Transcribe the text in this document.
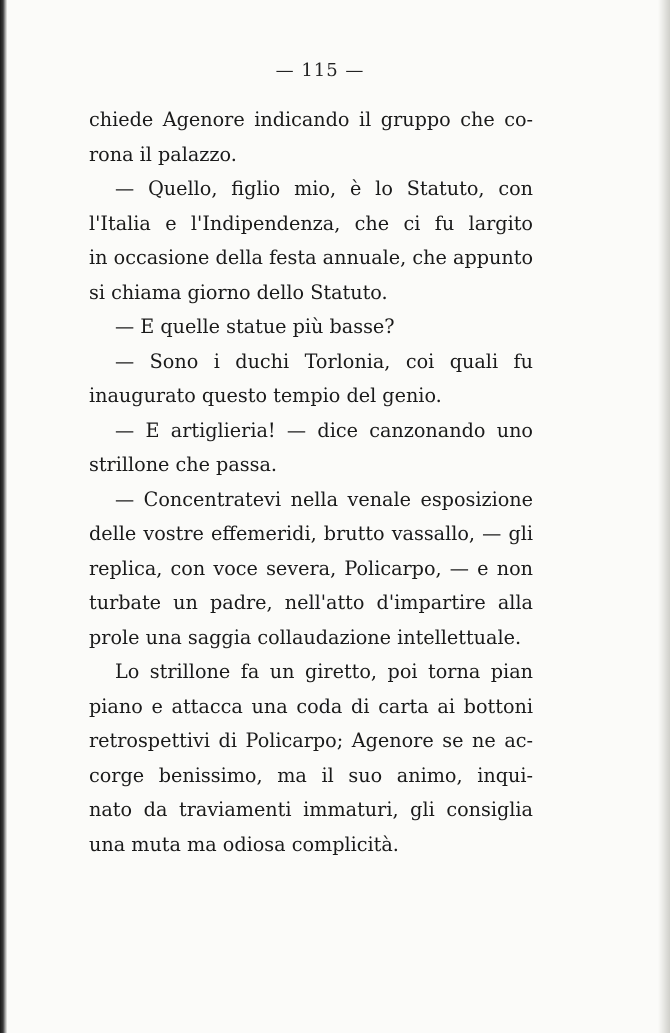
— 115 —
chiede Agenore indicando il gruppo che co-
rona il palazzo.
— Quello, figlio mio, è lo Statuto, con
l'Italia e l'Indipendenza, che ci fu largito
in occasione della festa annuale, che appunto
si chiama giorno dello Statuto.
— E quelle statue più basse?
— Sono i duchi Torlonia, coi quali fu
inaugurato questo tempio del genio.
— E artiglieria! — dice canzonando uno
strillone che passa.
— Concentratevi nella venale esposizione
delle vostre effemeridi, brutto vassallo, — gli
replica, con voce severa, Policarpo, — e non
turbate un padre, nell'atto d'impartire alla
prole una saggia collaudazione intellettuale.
Lo strillone fa un giretto, poi torna pian
piano e attacca una coda di carta ai bottoni
retrospettivi di Policarpo; Agenore se ne ac-
corge benissimo, ma il suo animo, inqui-
nato da traviamenti immaturi, gli consiglia
una muta ma odiosa complicità.
